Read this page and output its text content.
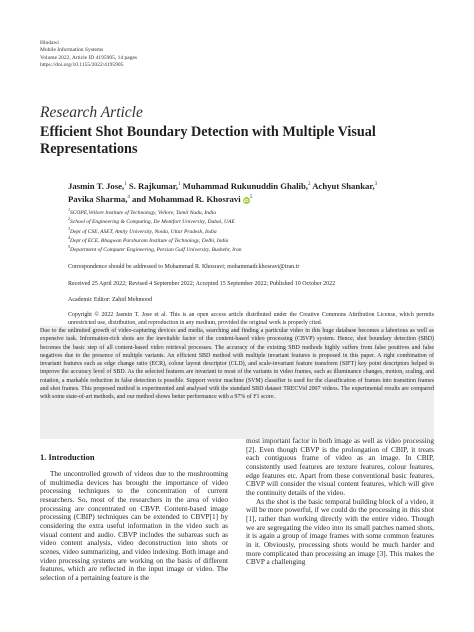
Hindawi
Mobile Information Systems
Volume 2022, Article ID 4195905, 14 pages
https://doi.org/10.1155/2022/4195905
Research Article
Efficient Shot Boundary Detection with Multiple Visual Representations
Jasmin T. Jose,$^1$ S. Rajkumar,$^1$ Muhammad Rukunuddin Ghalib,$^2$ Achyut Shankar,$^3$
Pavika Sharma,$^4$ and Mohammad R. Khosravi $iD^5$
$^1$SCOPE,Vellore Institute of Technology, Vellore, Tamil Nadu, India
$^2$School of Engineering & Computing, De Montfort University, Dubai, UAE
$^3$Dept of CSE, ASET, Amity University, Noida, Uttar Pradesh, India
$^4$Dept of ECE, Bhagwan Parshuram Institute of Technology, Delhi, India
$^5$Department of Computer Engineering, Persian Gulf University, Bushehr, Iran
Correspondence should be addressed to Mohammad R. Khosravi; mohammadr.khosravi@iran.ir
Received 25 April 2022; Revised 4 September 2022; Accepted 15 September 2022; Published 10 October 2022
Academic Editor: Zahid Mehmood
Copyright © 2022 Jasmin T. Jose et al. This is an open access article distributed under the Creative Commons Attribution License, which permits unrestricted use, distribution, and reproduction in any medium, provided the original work is properly cited.
Due to the unlimited growth of video-capturing devices and media, searching and finding a particular video in this huge database becomes a laborious as well as expensive task. Information-rich shots are the inevitable factor of the content-based video processing (CBVP) system. Hence, shot boundary detection (SBD) becomes the basic step of all content-based video retrieval processes. The accuracy of the existing SBD methods highly suffers from false positives and false negatives due to the presence of multiple variants. An efficient SBD method with multiple invariant features is proposed in this paper. A right combination of invariant features such as edge change ratio (ECR), colour layout descriptor (CLD), and scale-invariant feature transform (SIFT) key point descriptors helped to improve the accuracy level of SBD. As the selected features are invariant to most of the variants in video frames, such as illuminance changes, motion, scaling, and rotation, a markable reduction in false detection is possible. Support vector machine (SVM) classifier is used for the classification of frames into transition frames and shot frames. This proposed method is experimented and analysed with the standard SBD dataset TRECVid 2007 videos. The experimental results are compared with some state-of-art methods, and our method shows better performance with a 97% of F1 score.
1. Introduction

The uncontrolled growth of videos due to the mushrooming of multimedia devices has brought the importance of video processing techniques to the concentration of current researchers. So, most of the researchers in the area of video processing are concentrated on CBVP. Content-based image processing (CBIP) techniques can be extended to CBVP[1] by considering the extra useful information in the video such as visual content and audio. CBVP includes the subareas such as video content analysis, video deconstruction into shots or scenes, video summarizing, and video indexing. Both image and video processing systems are working on the basis of different features, which are reflected in the input image or video. The selection of a pertaining feature is the

most important factor in both image as well as video processing [2]. Even though CBVP is the prolongation of CBIP, it treats each contiguous frame of video as an image. In CBIP, consistently used features are texture features, colour features, edge features etc. Apart from these conventional basic features, CBVP will consider the visual content features, which will give the continuity details of the video.

As the shot is the basic temporal building block of a video, it will be more powerful, if we could do the processing in this shot [1], rather than working directly with the entire video. Though we are segregating the video into its small patches named shots, it is again a group of image frames with some common features in it. Obviously, processing shots would be much harder and more complicated than processing an image [3]. This makes the CBVP a challenging
